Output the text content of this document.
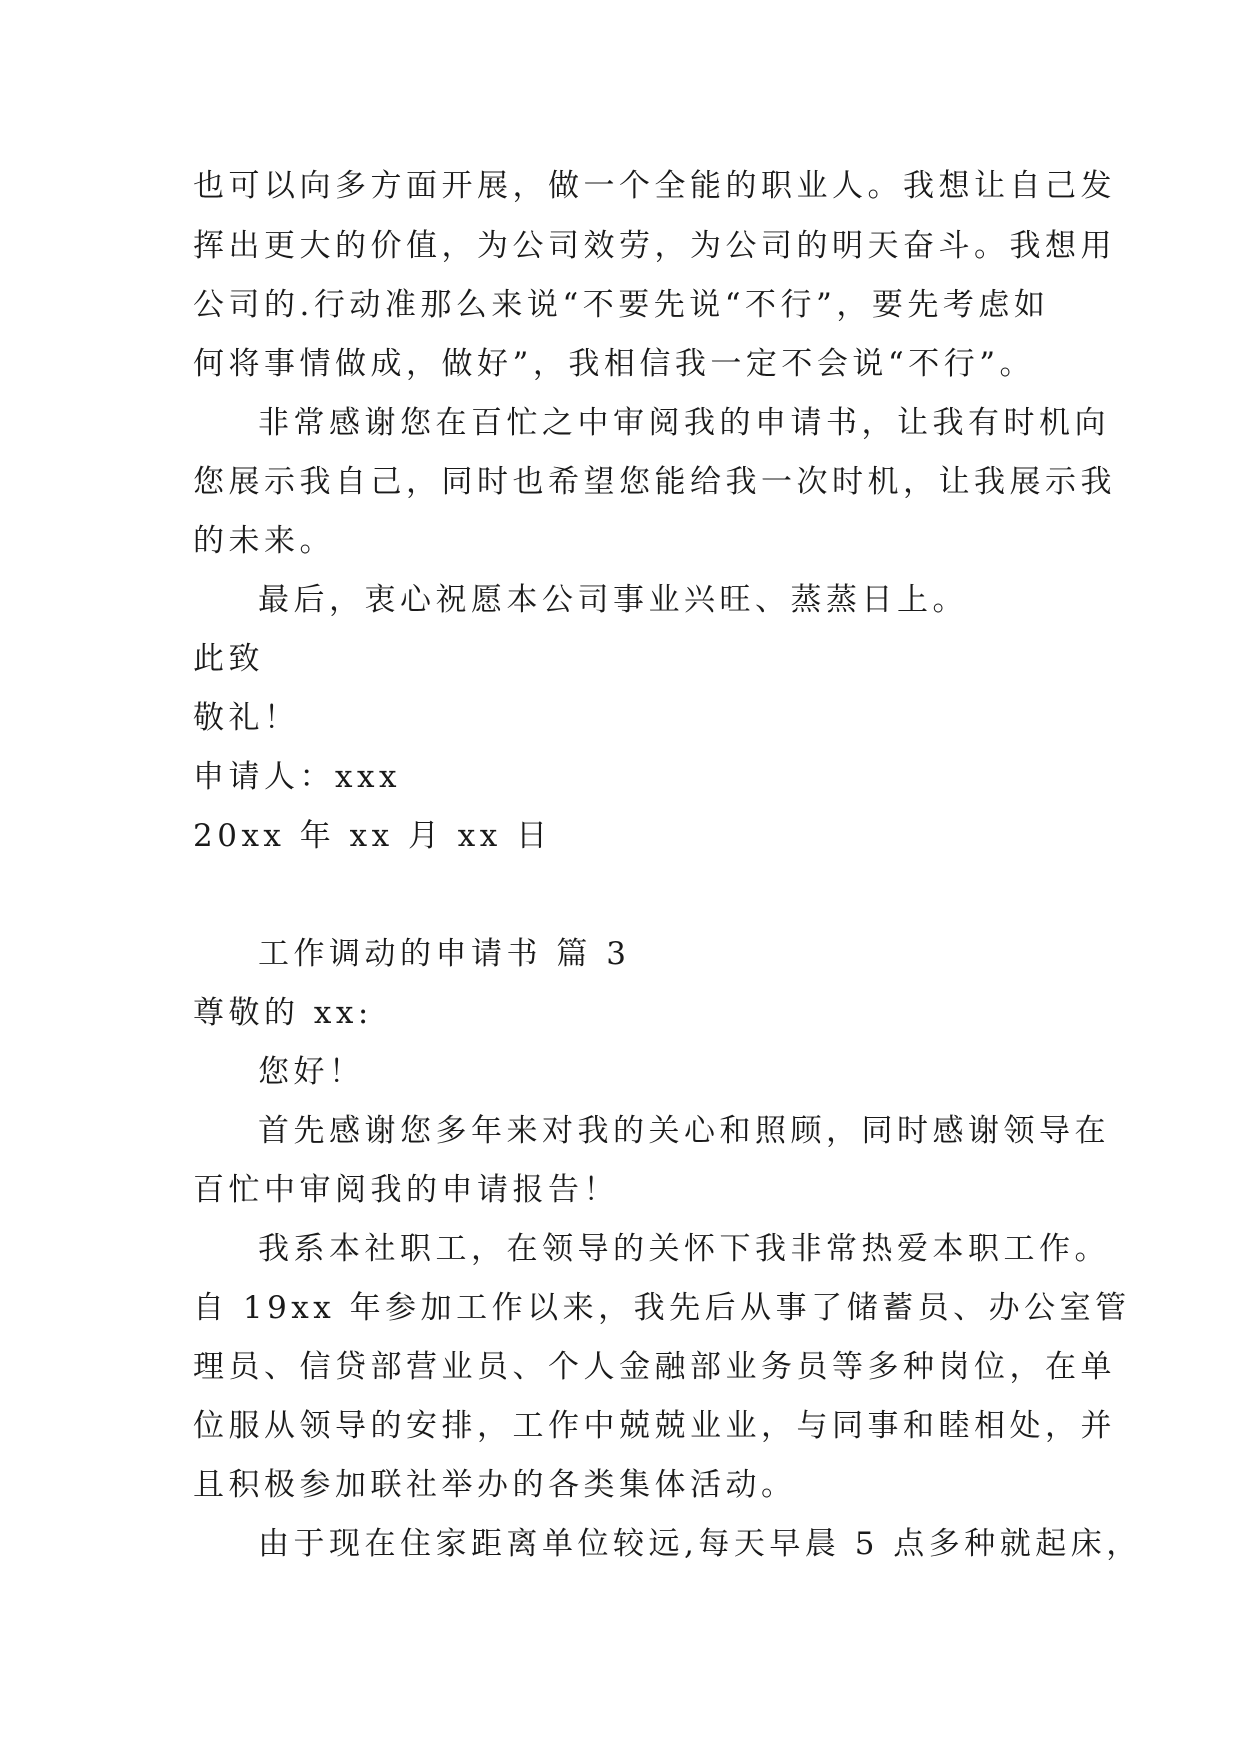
也可以向多方面开展，做一个全能的职业人。我想让自己发
挥出更大的价值，为公司效劳，为公司的明天奋斗。我想用
公司的.行动准那么来说“不要先说“不行”，要先考虑如
何将事情做成，做好”，我相信我一定不会说“不行”。
非常感谢您在百忙之中审阅我的申请书，让我有时机向
您展示我自己，同时也希望您能给我一次时机，让我展示我
的未来。
最后，衷心祝愿本公司事业兴旺、蒸蒸日上。
此致
敬礼！
申请人：xxx
20xx 年 xx 月 xx 日
工作调动的申请书 篇 3
尊敬的 xx:
您好！
首先感谢您多年来对我的关心和照顾，同时感谢领导在
百忙中审阅我的申请报告！
我系本社职工，在领导的关怀下我非常热爱本职工作。
自 19xx 年参加工作以来，我先后从事了储蓄员、办公室管
理员、信贷部营业员、个人金融部业务员等多种岗位，在单
位服从领导的安排，工作中兢兢业业，与同事和睦相处，并
且积极参加联社举办的各类集体活动。
由于现在住家距离单位较远,每天早晨 5 点多种就起床，
